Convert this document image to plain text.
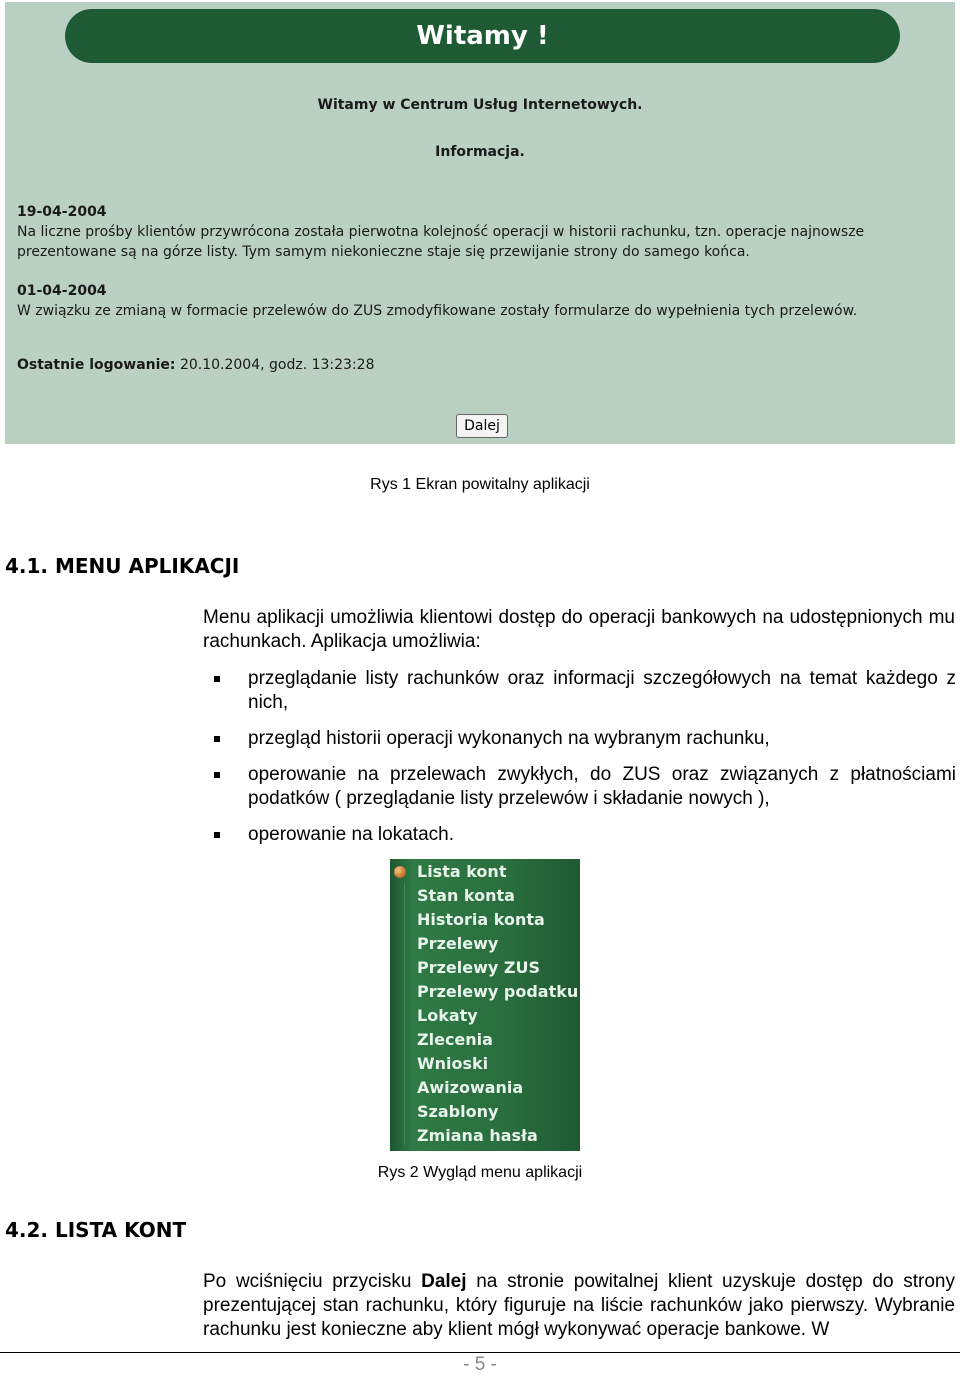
Witamy !
Witamy w Centrum Usług Internetowych.
Informacja.
19-04-2004
Na liczne prośby klientów przywrócona została pierwotna kolejność operacji w historii rachunku, tzn. operacje najnowsze prezentowane są na górze listy. Tym samym niekonieczne staje się przewijanie strony do samego końca.
01-04-2004
W związku ze zmianą w formacie przelewów do ZUS zmodyfikowane zostały formularze do wypełnienia tych przelewów.
Ostatnie logowanie: 20.10.2004, godz. 13:23:28
Dalej
Rys 1 Ekran powitalny aplikacji
4.1. MENU APLIKACJI
Menu aplikacji umożliwia klientowi dostęp do operacji bankowych na udostępnionych mu rachunkach. Aplikacja umożliwia:
przeglądanie listy rachunków oraz informacji szczegółowych na temat każdego z nich,
przegląd historii operacji wykonanych na wybranym rachunku,
operowanie na przelewach zwykłych, do ZUS oraz związanych z płatnościami podatków ( przeglądanie listy przelewów i składanie nowych ),
operowanie na lokatach.
Lista kont
Stan konta
Historia konta
Przelewy
Przelewy ZUS
Przelewy podatku
Lokaty
Zlecenia
Wnioski
Awizowania
Szablony
Zmiana hasła
Rys 2 Wygląd menu aplikacji
4.2. LISTA KONT
Po wciśnięciu przycisku Dalej na stronie powitalnej klient uzyskuje dostęp do strony prezentującej stan rachunku, który figuruje na liście rachunków jako pierwszy. Wybranie rachunku jest konieczne aby klient mógł wykonywać operacje bankowe. W
- 5 -
